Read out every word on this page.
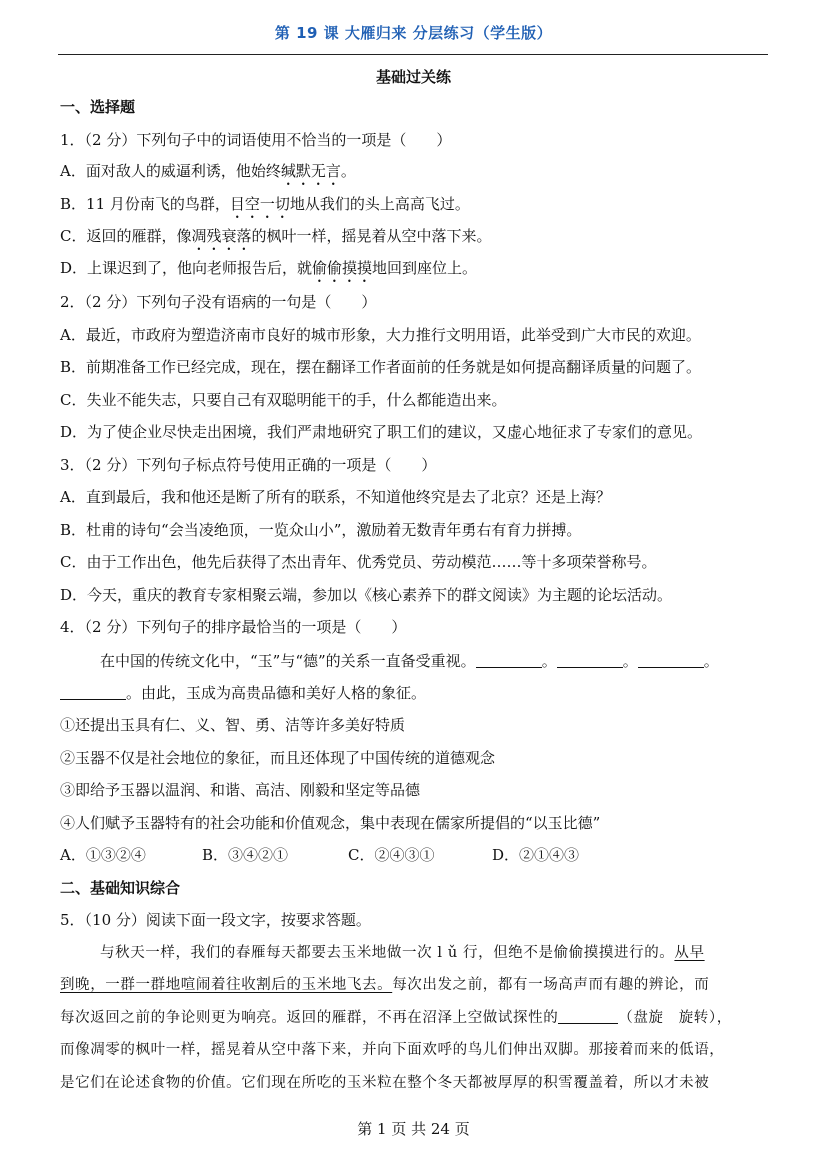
第 19 课 大雁归来 分层练习（学生版）
基础过关练
一、选择题
1．（2 分）下列句子中的词语使用不恰当的一项是（　　）
A．面对敌人的威逼利诱，他始终缄默无言。
B．11 月份南飞的鸟群，目空一切地从我们的头上高高飞过。
C．返回的雁群，像凋残衰落的枫叶一样，摇晃着从空中落下来。
D．上课迟到了，他向老师报告后，就偷偷摸摸地回到座位上。
2．（2 分）下列句子没有语病的一句是（　　）
A．最近，市政府为塑造济南市良好的城市形象，大力推行文明用语，此举受到广大市民的欢迎。
B．前期准备工作已经完成，现在，摆在翻译工作者面前的任务就是如何提高翻译质量的问题了。
C．失业不能失志，只要自己有双聪明能干的手，什么都能造出来。
D．为了使企业尽快走出困境，我们严肃地研究了职工们的建议，又虚心地征求了专家们的意见。
3．（2 分）下列句子标点符号使用正确的一项是（　　）
A．直到最后，我和他还是断了所有的联系，不知道他终究是去了北京？还是上海？
B．杜甫的诗句“会当凌绝顶，一览众山小”，激励着无数青年勇右有育力拼搏。
C．由于工作出色，他先后获得了杰出青年、优秀党员、劳动模范……等十多项荣誉称号。
D．今天，重庆的教育专家相聚云端，参加以《核心素养下的群文阅读》为主题的论坛活动。
4．（2 分）下列句子的排序最恰当的一项是（　　）
在中国的传统文化中，“玉”与“德”的关系一直备受重视。	。	。	。
。由此，玉成为高贵品德和美好人格的象征。
①还提出玉具有仁、义、智、勇、洁等许多美好特质
②玉器不仅是社会地位的象征，而且还体现了中国传统的道德观念
③即给予玉器以温润、和谐、高洁、刚毅和坚定等品德
④人们赋予玉器特有的社会功能和价值观念，集中表现在儒家所提倡的“以玉比德”
A．①③②④	B．③④②①	C．②④③①	D．②①④③
二、基础知识综合
5．（10 分）阅读下面一段文字，按要求答题。
与秋天一样，我们的春雁每天都要去玉米地做一次 l ǔ 行，但绝不是偷偷摸摸进行的。从早
到晚，一群一群地喧闹着往收割后的玉米地飞去。每次出发之前，都有一场高声而有趣的辨论，而
每次返回之前的争论则更为响亮。返回的雁群，不再在沼泽上空做试探性的	（盘旋　旋转），
而像凋零的枫叶一样，摇晃着从空中落下来，并向下面欢呼的鸟儿们伸出双脚。那接着而来的低语，
是它们在论述食物的价值。它们现在所吃的玉米粒在整个冬天都被厚厚的积雪覆盖着，所以才未被
第 1 页 共 24 页
